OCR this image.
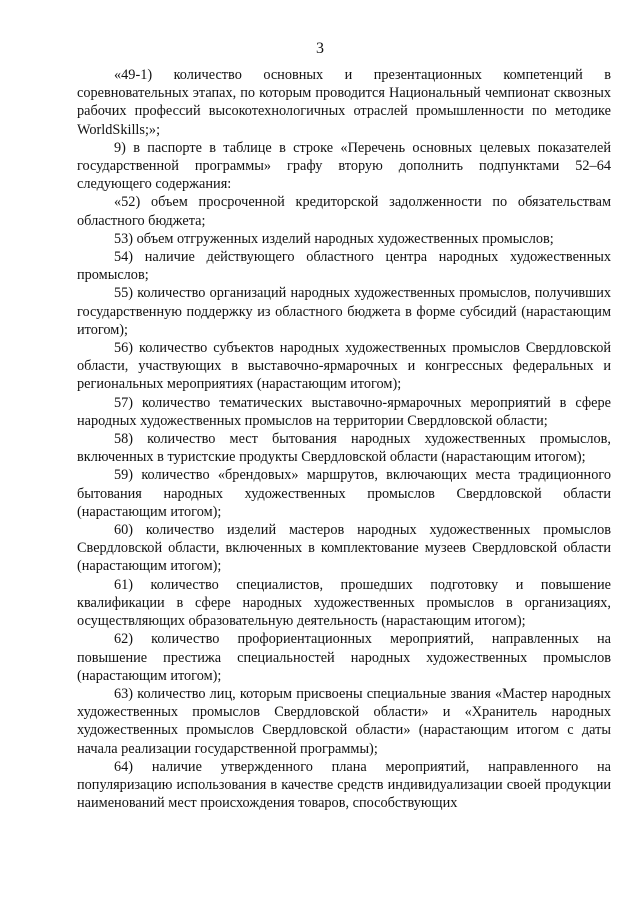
3

«49-1) количество основных и презентационных компетенций в соревновательных этапах, по которым проводится Национальный чемпионат сквозных рабочих профессий высокотехнологичных отраслей промышленности по методике WorldSkills;»;

9) в паспорте в таблице в строке «Перечень основных целевых показателей государственной программы» графу вторую дополнить подпунктами 52–64 следующего содержания:

«52) объем просроченной кредиторской задолженности по обязательствам областного бюджета;

53) объем отгруженных изделий народных художественных промыслов;

54) наличие действующего областного центра народных художественных промыслов;

55) количество организаций народных художественных промыслов, получивших государственную поддержку из областного бюджета в форме субсидий (нарастающим итогом);

56) количество субъектов народных художественных промыслов Свердловской области, участвующих в выставочно-ярмарочных и конгрессных федеральных и региональных мероприятиях (нарастающим итогом);

57) количество тематических выставочно-ярмарочных мероприятий в сфере народных художественных промыслов на территории Свердловской области;

58) количество мест бытования народных художественных промыслов, включенных в туристские продукты Свердловской области (нарастающим итогом);

59) количество «брендовых» маршрутов, включающих места традиционного бытования народных художественных промыслов Свердловской области (нарастающим итогом);

60) количество изделий мастеров народных художественных промыслов Свердловской области, включенных в комплектование музеев Свердловской области (нарастающим итогом);

61) количество специалистов, прошедших подготовку и повышение квалификации в сфере народных художественных промыслов в организациях, осуществляющих образовательную деятельность (нарастающим итогом);

62) количество профориентационных мероприятий, направленных на повышение престижа специальностей народных художественных промыслов (нарастающим итогом);

63) количество лиц, которым присвоены специальные звания «Мастер народных художественных промыслов Свердловской области» и «Хранитель народных художественных промыслов Свердловской области» (нарастающим итогом с даты начала реализации государственной программы);

64) наличие утвержденного плана мероприятий, направленного на популяризацию использования в качестве средств индивидуализации своей продукции наименований мест происхождения товаров, способствующих
